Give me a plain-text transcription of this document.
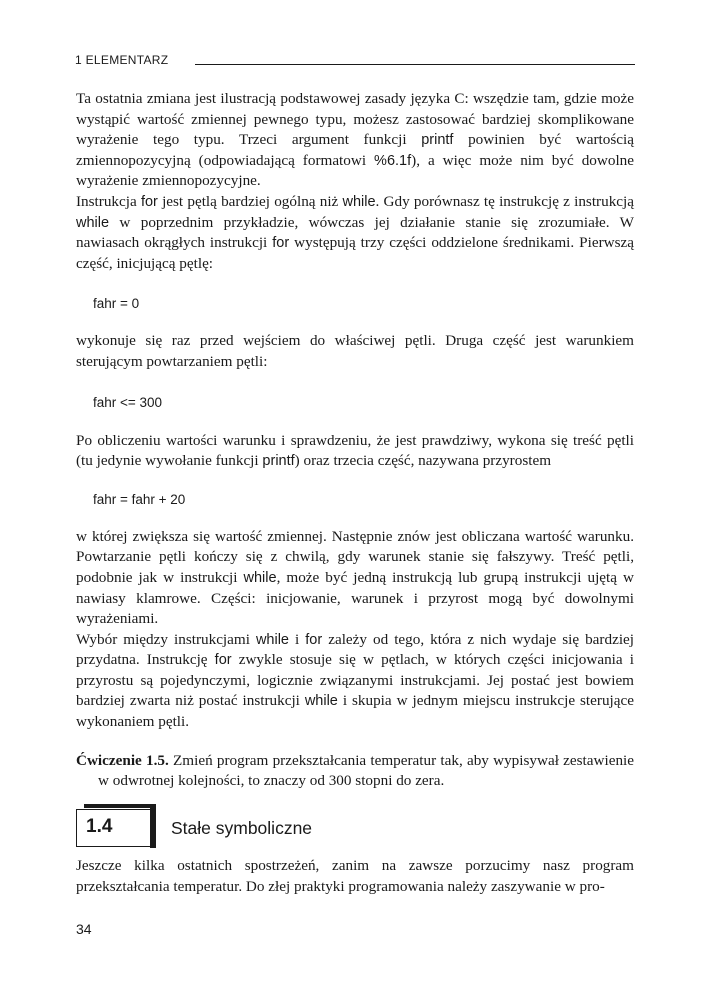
1 ELEMENTARZ

Ta ostatnia zmiana jest ilustracją podstawowej zasady języka C: wszędzie tam, gdzie może wystąpić wartość zmiennej pewnego typu, możesz zastosować bardziej skomplikowane wyrażenie tego typu. Trzeci argument funkcji printf powinien być wartością zmiennopozycyjną (odpowiadającą formatowi %6.1f), a więc może nim być dowolne wyrażenie zmiennopozycyjne.

Instrukcja for jest pętlą bardziej ogólną niż while. Gdy porównasz tę instrukcję z instrukcją while w poprzednim przykładzie, wówczas jej działanie stanie się zrozumiałe. W nawiasach okrągłych instrukcji for występują trzy części oddzielone średnikami. Pierwszą część, inicjującą pętlę:

fahr = 0

wykonuje się raz przed wejściem do właściwej pętli. Druga część jest warunkiem sterującym powtarzaniem pętli:

fahr <= 300

Po obliczeniu wartości warunku i sprawdzeniu, że jest prawdziwy, wykona się treść pętli (tu jedynie wywołanie funkcji printf) oraz trzecia część, nazywana przyrostem

fahr = fahr + 20

w której zwiększa się wartość zmiennej. Następnie znów jest obliczana wartość warunku. Powtarzanie pętli kończy się z chwilą, gdy warunek stanie się fałszywy. Treść pętli, podobnie jak w instrukcji while, może być jedną instrukcją lub grupą instrukcji ujętą w nawiasy klamrowe. Części: inicjowanie, warunek i przyrost mogą być dowolnymi wyrażeniami.

Wybór między instrukcjami while i for zależy od tego, która z nich wydaje się bardziej przydatna. Instrukcję for zwykle stosuje się w pętlach, w których części inicjowania i przyrostu są pojedynczymi, logicznie związanymi instrukcjami. Jej postać jest bowiem bardziej zwarta niż postać instrukcji while i skupia w jednym miejscu instrukcje sterujące wykonaniem pętli.

Ćwiczenie 1.5. Zmień program przekształcania temperatur tak, aby wypisywał zestawienie w odwrotnej kolejności, to znaczy od 300 stopni do zera.

1.4	Stałe symboliczne

Jeszcze kilka ostatnich spostrzeżeń, zanim na zawsze porzucimy nasz program przekształcania temperatur. Do złej praktyki programowania należy zaszywanie w pro-

34
